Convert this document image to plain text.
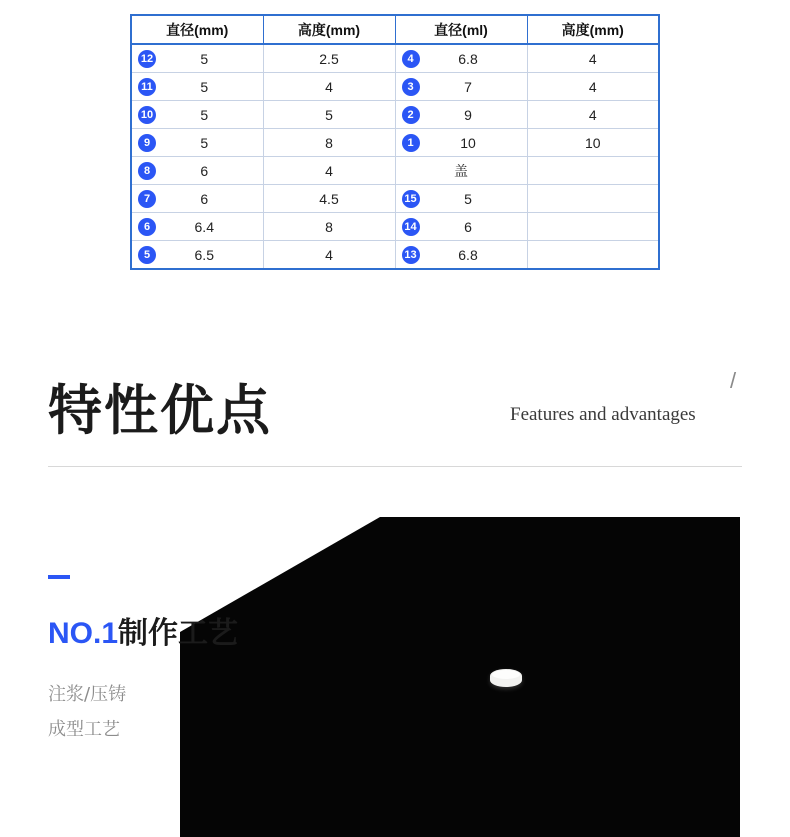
直径(mm)	高度(mm)	直径(ml)	高度(mm)

12 5	2.5	4 6.8	4

11 5	4	3 7	4

10 5	5	2 9	4

9 5	8	1 10	10

8 6	4	盖	

7 6	4.5	15 5	

6 6.4	8	14 6	

5 6.5	4	13 6.8	

特性优点	/
Features and advantages
NO.1制作工艺
注浆/压铸
成型工艺
